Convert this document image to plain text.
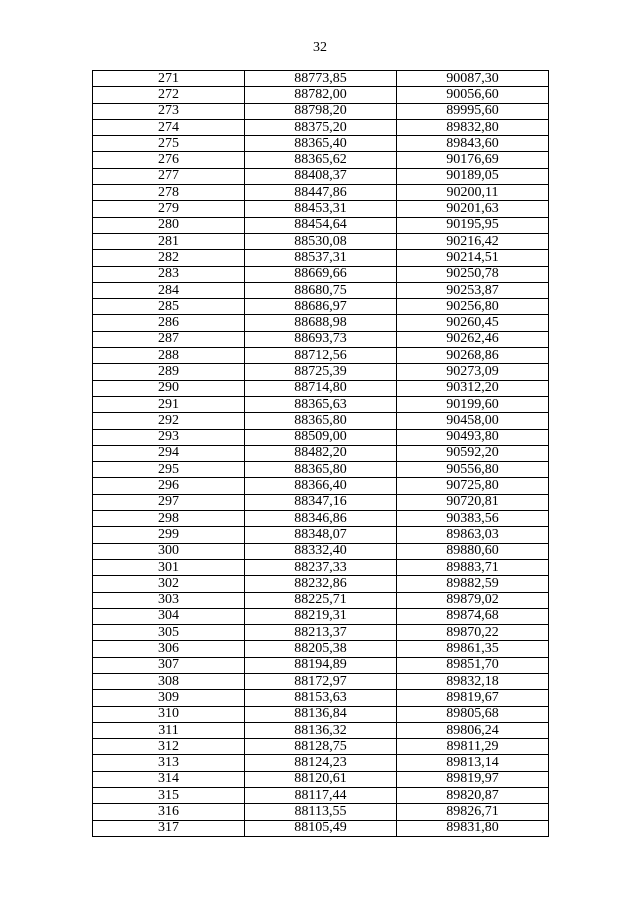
32
271	88773,85	90087,30
272	88782,00	90056,60
273	88798,20	89995,60
274	88375,20	89832,80
275	88365,40	89843,60
276	88365,62	90176,69
277	88408,37	90189,05
278	88447,86	90200,11
279	88453,31	90201,63
280	88454,64	90195,95
281	88530,08	90216,42
282	88537,31	90214,51
283	88669,66	90250,78
284	88680,75	90253,87
285	88686,97	90256,80
286	88688,98	90260,45
287	88693,73	90262,46
288	88712,56	90268,86
289	88725,39	90273,09
290	88714,80	90312,20
291	88365,63	90199,60
292	88365,80	90458,00
293	88509,00	90493,80
294	88482,20	90592,20
295	88365,80	90556,80
296	88366,40	90725,80
297	88347,16	90720,81
298	88346,86	90383,56
299	88348,07	89863,03
300	88332,40	89880,60
301	88237,33	89883,71
302	88232,86	89882,59
303	88225,71	89879,02
304	88219,31	89874,68
305	88213,37	89870,22
306	88205,38	89861,35
307	88194,89	89851,70
308	88172,97	89832,18
309	88153,63	89819,67
310	88136,84	89805,68
311	88136,32	89806,24
312	88128,75	89811,29
313	88124,23	89813,14
314	88120,61	89819,97
315	88117,44	89820,87
316	88113,55	89826,71
317	88105,49	89831,80
